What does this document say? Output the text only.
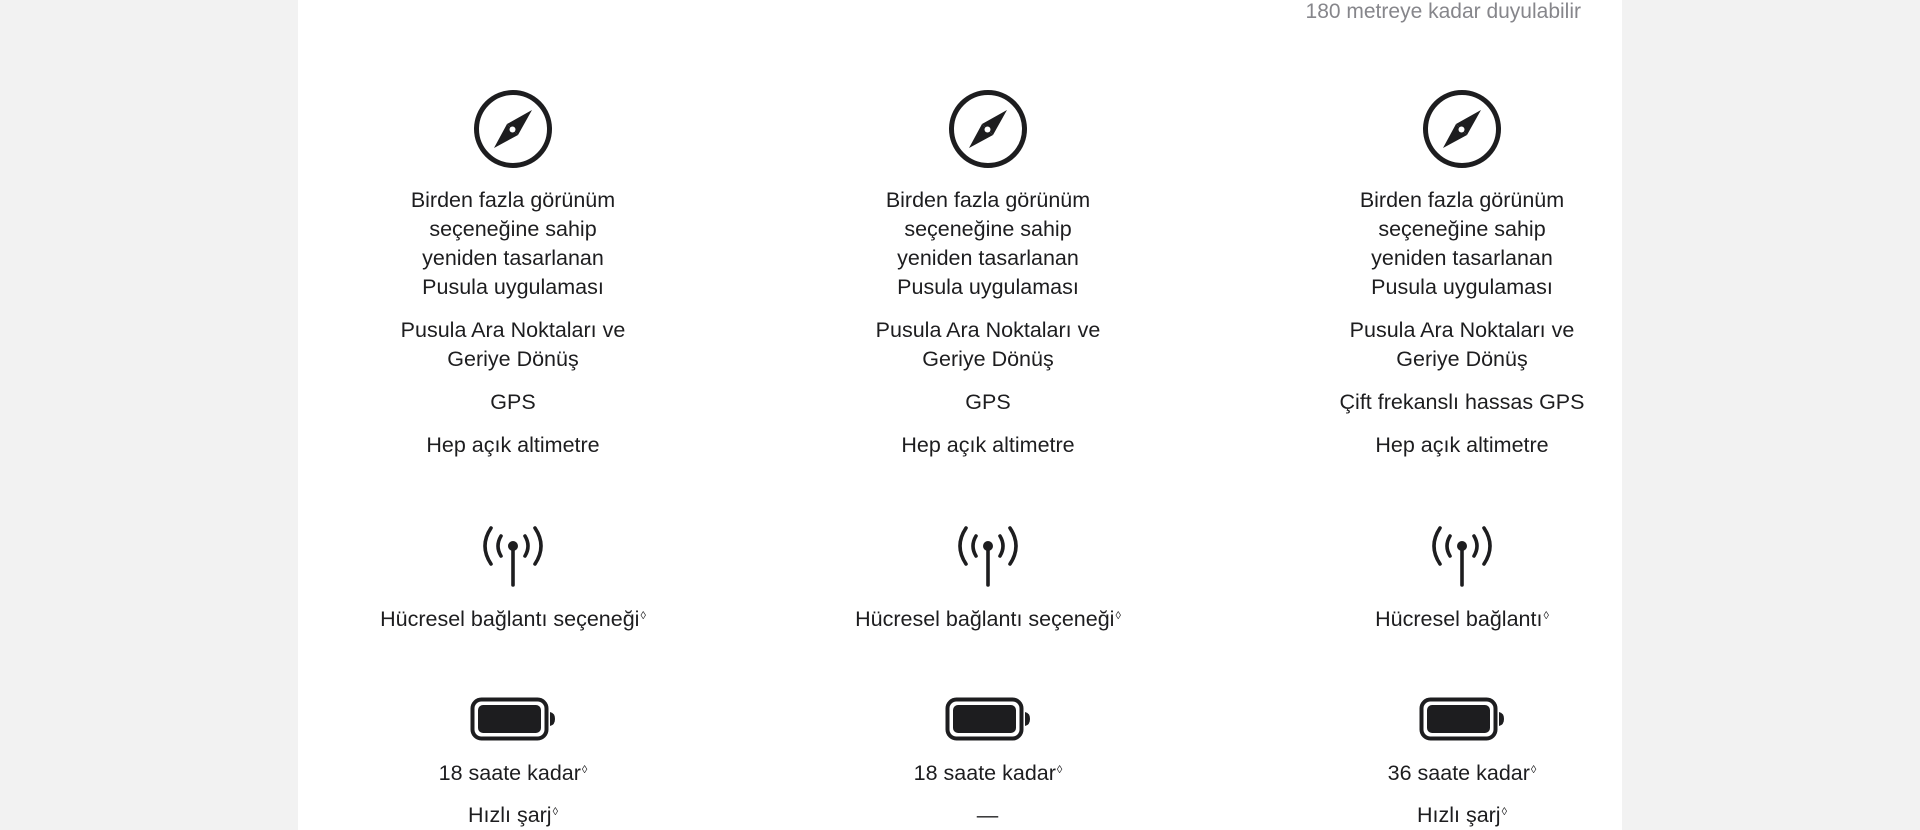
180 metreye kadar duyulabilir

Birden fazla görünüm
seçeneğine sahip
yeniden tasarlanan
Pusula uygulaması

Pusula Ara Noktaları ve
Geriye Dönüş

GPS

Hep açık altimetre

Hücresel bağlantı seçeneği◊

18 saate kadar◊

Hızlı şarj◊

Birden fazla görünüm
seçeneğine sahip
yeniden tasarlanan
Pusula uygulaması

Pusula Ara Noktaları ve
Geriye Dönüş

GPS

Hep açık altimetre

Hücresel bağlantı seçeneği◊

18 saate kadar◊

—

Birden fazla görünüm
seçeneğine sahip
yeniden tasarlanan
Pusula uygulaması

Pusula Ara Noktaları ve
Geriye Dönüş

Çift frekanslı hassas GPS

Hep açık altimetre

Hücresel bağlantı◊

36 saate kadar◊

Hızlı şarj◊
